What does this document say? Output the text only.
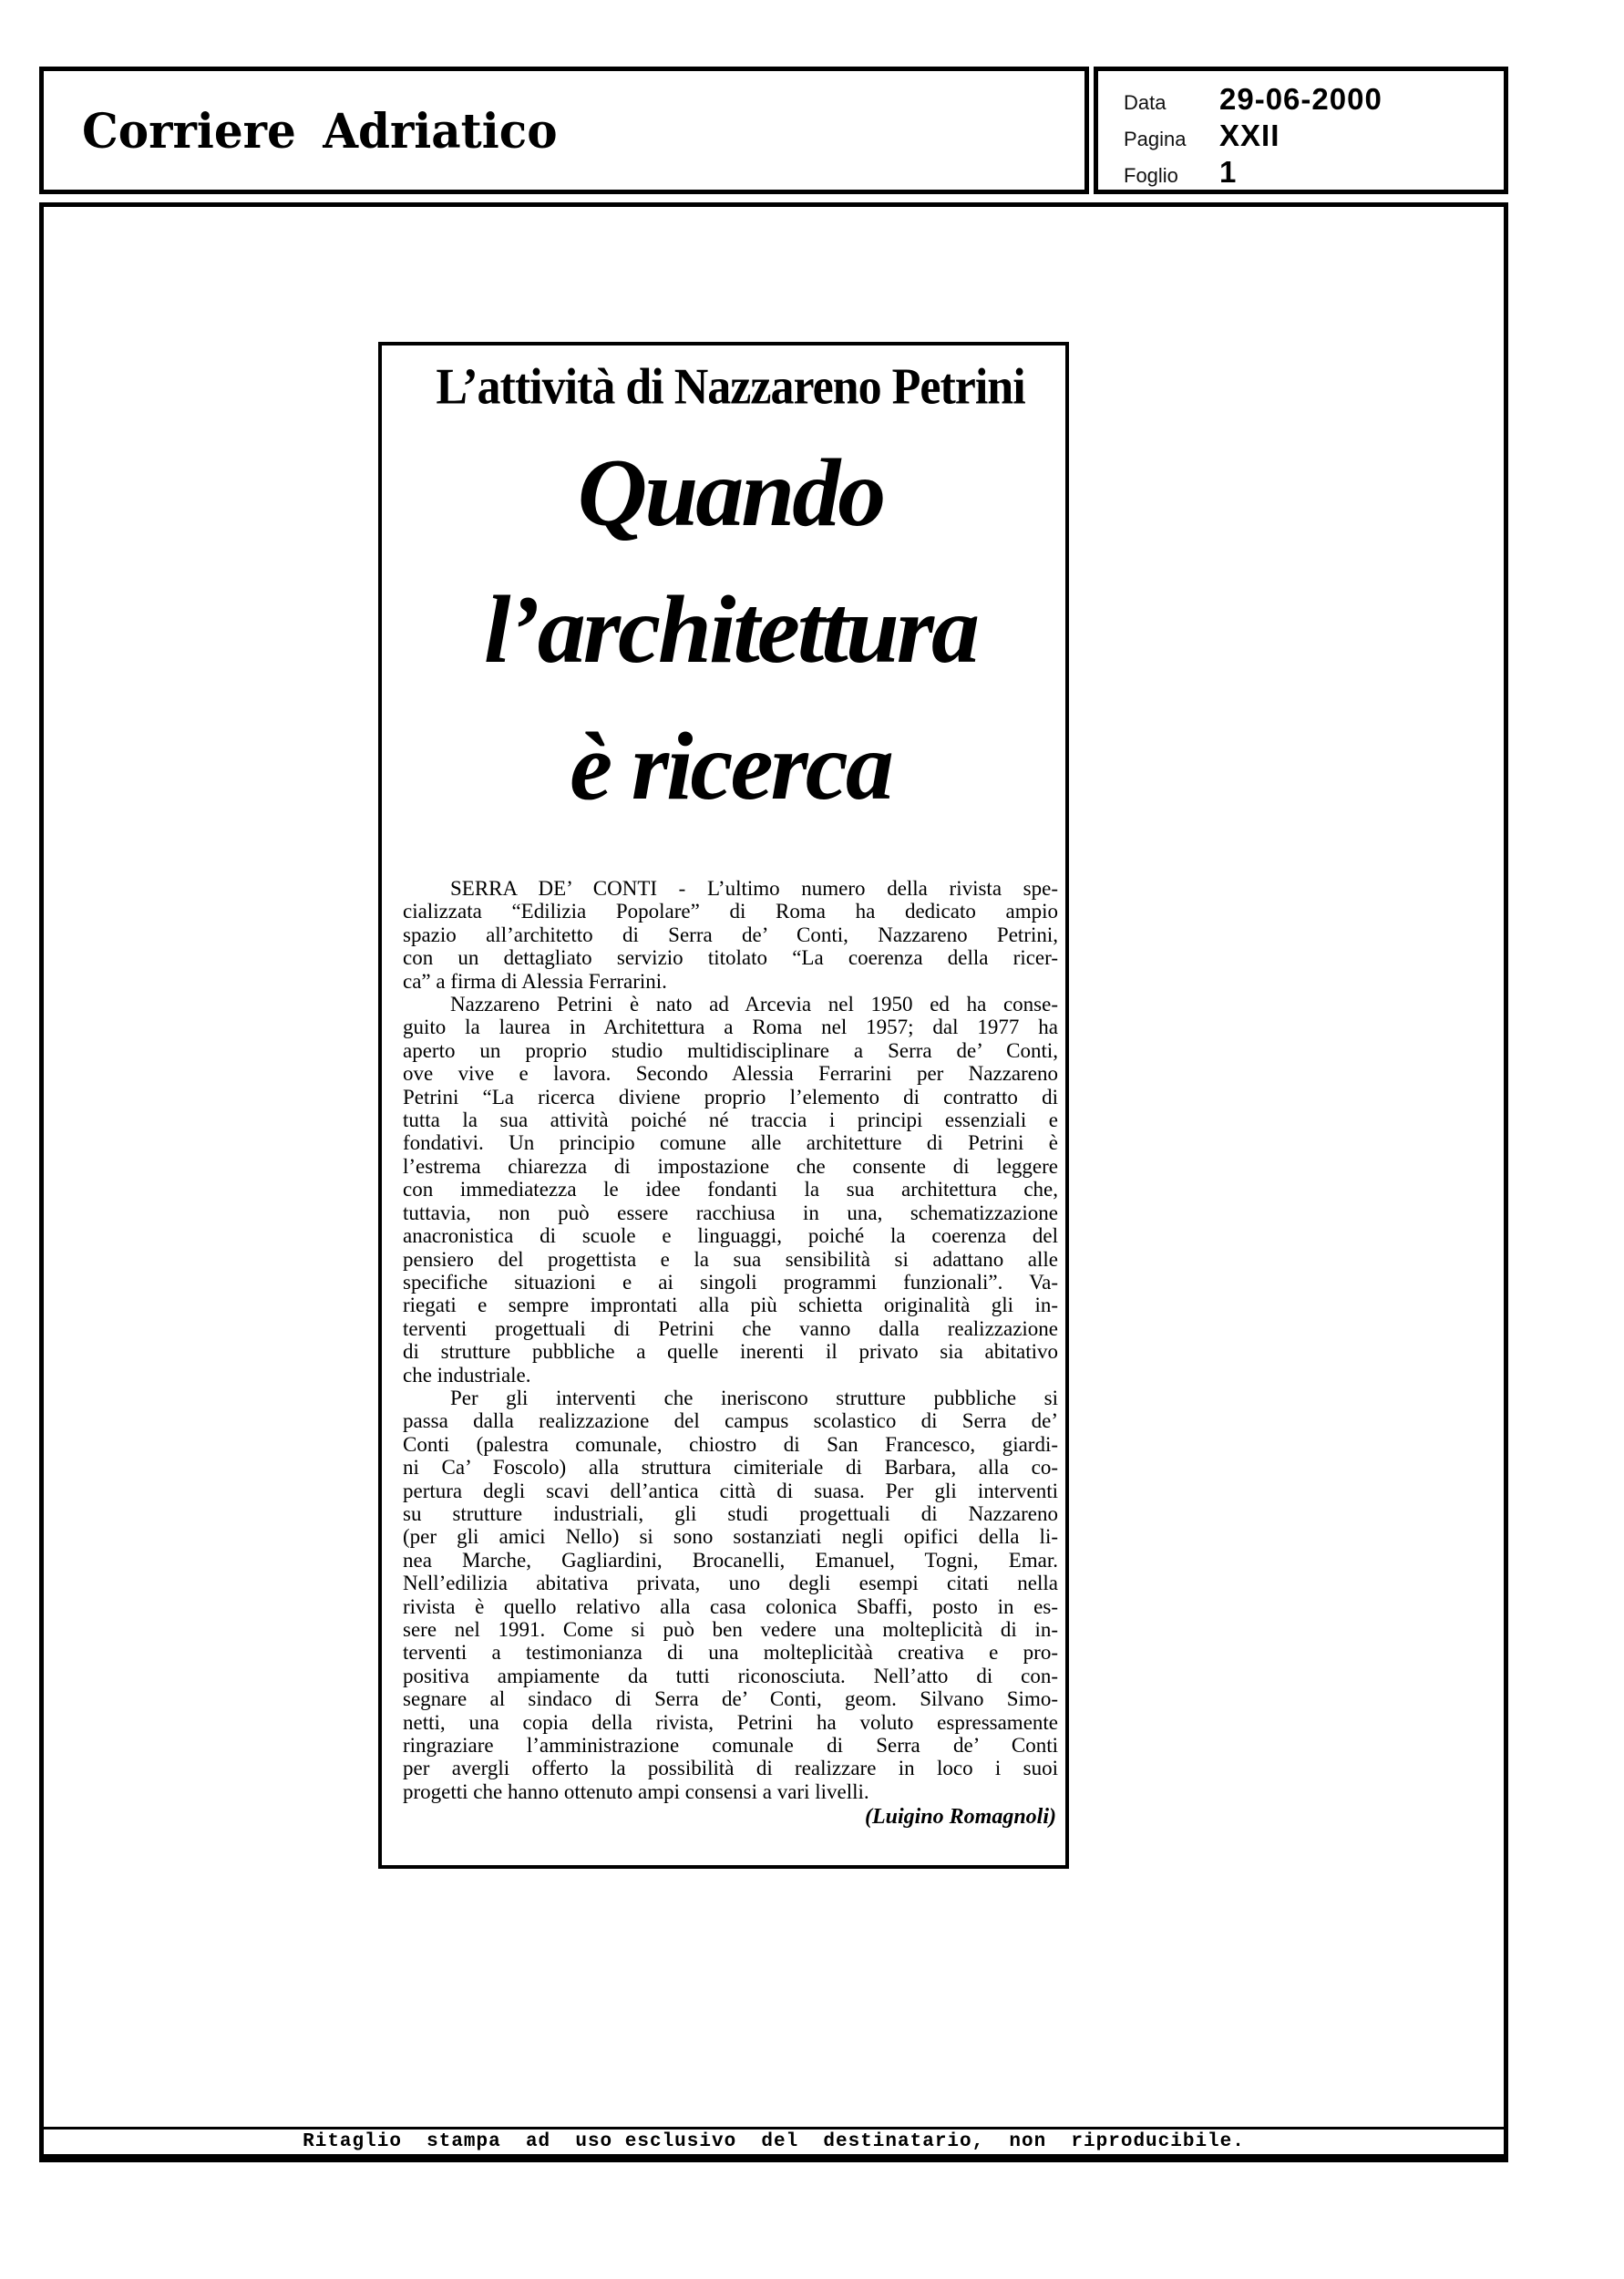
Corriere Adriatico	Data	29-06-2000
Pagina	XXII
Foglio	1
L’attività di Nazzareno Petrini
Quando
l’architettura
è ricerca
SERRA DE’ CONTI - L’ultimo numero della rivista spe-
cializzata “Edilizia Popolare” di Roma ha dedicato ampio
spazio all’architetto di Serra de’ Conti, Nazzareno Petrini,
con un dettagliato servizio titolato “La coerenza della ricer-
ca” a firma di Alessia Ferrarini.
Nazzareno Petrini è nato ad Arcevia nel 1950 ed ha conse-
guito la laurea in Architettura a Roma nel 1957; dal 1977 ha
aperto un proprio studio multidisciplinare a Serra de’ Conti,
ove vive e lavora. Secondo Alessia Ferrarini per Nazzareno
Petrini “La ricerca diviene proprio l’elemento di contratto di
tutta la sua attività poiché né traccia i principi essenziali e
fondativi. Un principio comune alle architetture di Petrini è
l’estrema chiarezza di impostazione che consente di leggere
con immediatezza le idee fondanti la sua architettura che,
tuttavia, non può essere racchiusa in una, schematizzazione
anacronistica di scuole e linguaggi, poiché la coerenza del
pensiero del progettista e la sua sensibilità si adattano alle
specifiche situazioni e ai singoli programmi funzionali”. Va-
riegati e sempre improntati alla più schietta originalità gli in-
terventi progettuali di Petrini che vanno dalla realizzazione
di strutture pubbliche a quelle inerenti il privato sia abitativo
che industriale.
Per gli interventi che ineriscono strutture pubbliche si
passa dalla realizzazione del campus scolastico di Serra de’
Conti (palestra comunale, chiostro di San Francesco, giardi-
ni Ca’ Foscolo) alla struttura cimiteriale di Barbara, alla co-
pertura degli scavi dell’antica città di suasa. Per gli interventi
su strutture industriali, gli studi progettuali di Nazzareno
(per gli amici Nello) si sono sostanziati negli opifici della li-
nea Marche, Gagliardini, Brocanelli, Emanuel, Togni, Emar.
Nell’edilizia abitativa privata, uno degli esempi citati nella
rivista è quello relativo alla casa colonica Sbaffi, posto in es-
sere nel 1991. Come si può ben vedere una molteplicità di in-
terventi a testimonianza di una molteplicitàà creativa e pro-
positiva ampiamente da tutti riconosciuta. Nell’atto di con-
segnare al sindaco di Serra de’ Conti, geom. Silvano Simo-
netti, una copia della rivista, Petrini ha voluto espressamente
ringraziare l’amministrazione comunale di Serra de’ Conti
per avergli offerto la possibilità di realizzare in loco i suoi
progetti che hanno ottenuto ampi consensi a vari livelli.
(Luigino Romagnoli)
Ritaglio  stampa  ad  uso esclusivo  del  destinatario,  non  riproducibile.
